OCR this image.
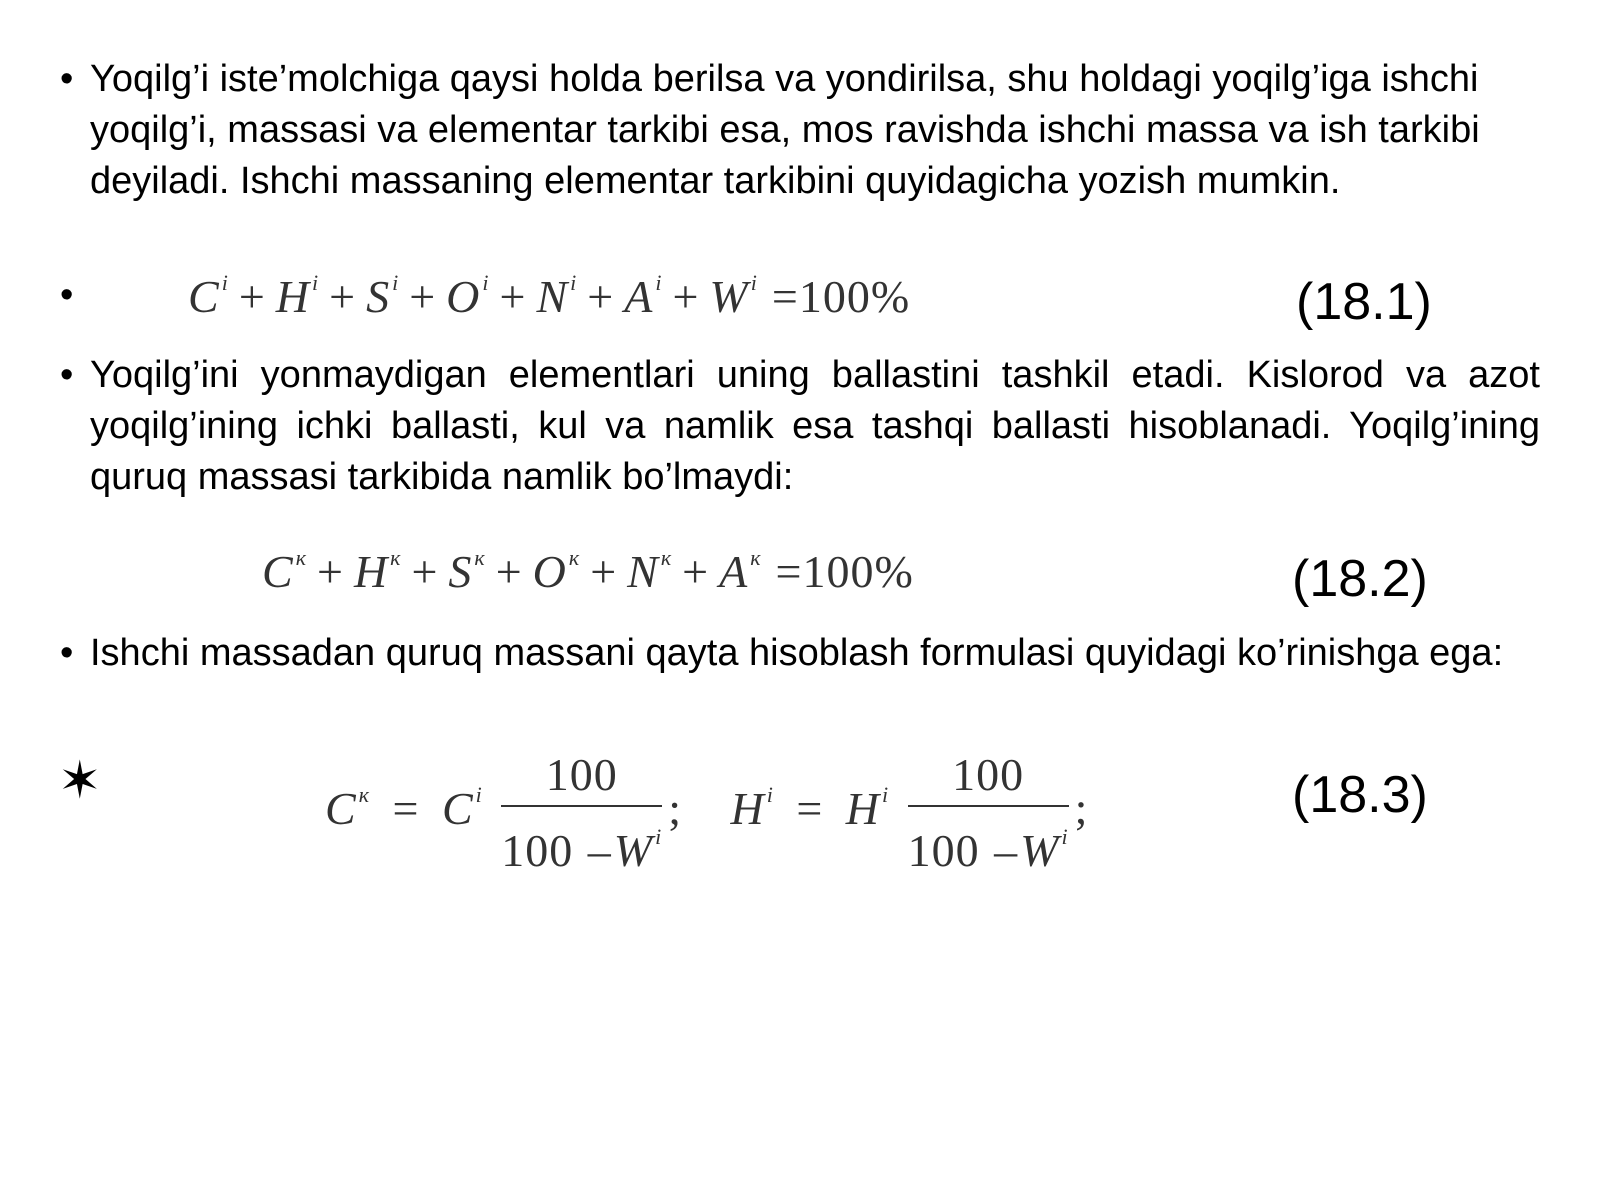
• Yoqilg’i iste’molchiga qaysi holda berilsa va yondirilsa, shu holdagi yoqilg’iga ishchi yoqilg’i, massasi va elementar tarkibi esa, mos ravishda ishchi massa va ish tarkibi deyiladi. Ishchi massaning elementar tarkibini quyidagicha yozish mumkin.
• $C^i + H^i + S^i + O^i + N^i + A^i + W^i =100\%$	(18.1)
• Yoqilg’ini yonmaydigan elementlari uning ballastini tashkil etadi. Kislorod va azot yoqilg’ining ichki ballasti, kul va namlik esa tashqi ballasti hisoblanadi. Yoqilg’ining quruq massasi tarkibida namlik bo’lmaydi:
$C^к + H^к + S^к + O^к + N^к + A^к =100\%$	(18.2)
• Ishchi massadan quruq massani qayta hisoblash formulasi quyidagi ko’rinishga ega:
✶	$C^к = C^i \frac{100}{100 -W^i}$ ; $H^i = H^i \frac{100}{100 -W^i}$ ;	(18.3)
